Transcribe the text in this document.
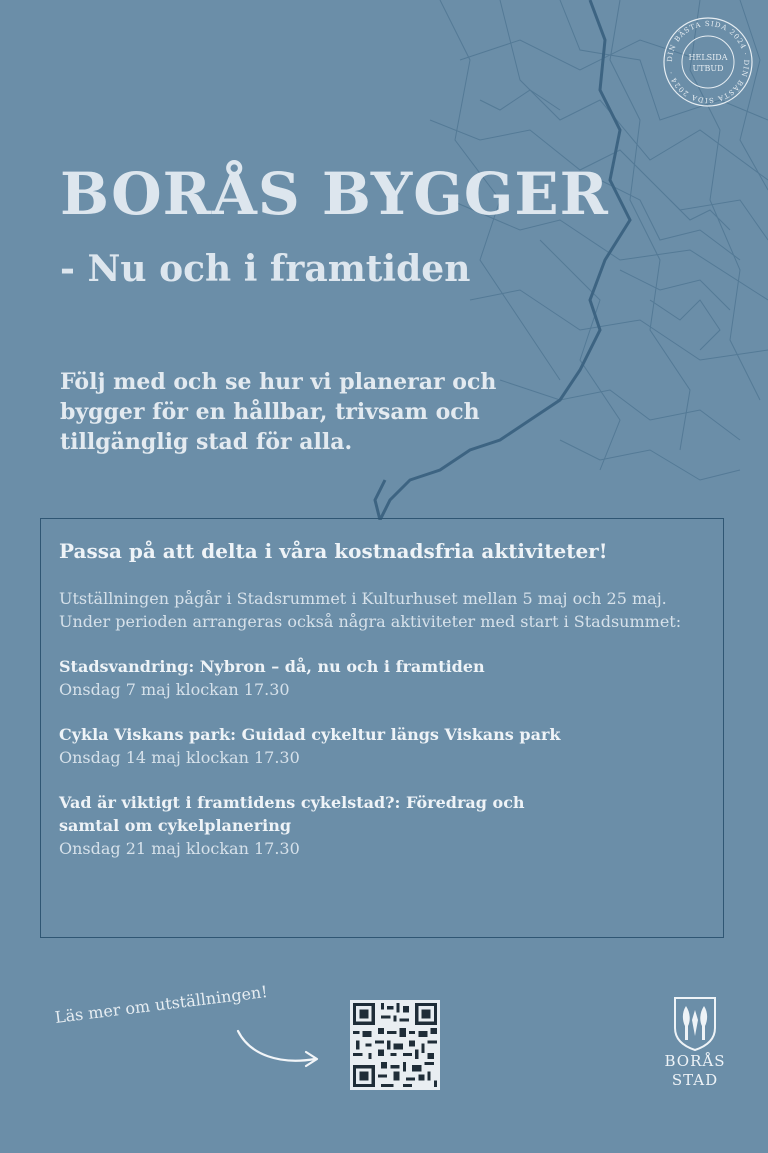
DIN BÄSTA SIDA 2024 · DIN BÄSTA SIDA 2024 ·
HELSIDA
UTBUD
BORÅS BYGGER
- Nu och i framtiden

Följ med och se hur vi planerar och bygger för en hållbar, trivsam och tillgänglig stad för alla.

Passa på att delta i våra kostnadsfria aktiviteter!

Utställningen pågår i Stadsrummet i Kulturhuset mellan 5 maj och 25 maj. Under perioden arrangeras också några aktiviteter med start i Stadsummet:

Stadsvandring: Nybron – då, nu och i framtiden

Onsdag 7 maj klockan 17.30

Cykla Viskans park: Guidad cykeltur längs Viskans park

Onsdag 14 maj klockan 17.30

Vad är viktigt i framtidens cykelstad?: Föredrag och samtal om cykelplanering

Onsdag 21 maj klockan 17.30

Läs mer om utställningen!

BORÅS

STAD
